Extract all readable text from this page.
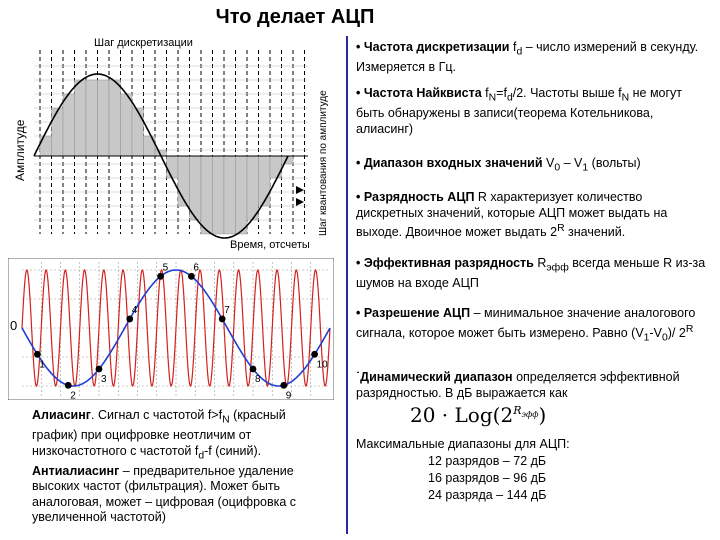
Что делает АЦП
Шаг дискретизации
Время, отсчеты
Амплитуде	Шаг квантования по амплитуде
1
2
3
4
5	6
7
8
9
10
0
• Частота дискретизации $f_d$ – число измерений в секунду. Измеряется в Гц.
• Частота Найквиста $f_N=f_d/2$. Частоты выше $f_N$ не могут быть обнаружены в записи(теорема Котельникова, алиасинг)
• Диапазон входных значений $V_0 - V_1$ (вольты)
• Разрядность АЦП R характеризует количество дискретных значений, которые АЦП может выдать на выходе. Двоичное может выдать $2^R$ значений.
• Эффективная разрядность $R_{эфф}$ всегда меньше R из-за шумов на входе АЦП
• Разрешение АЦП – минимальное значение аналогового сигнала, которое может быть измерено. Равно $(V_1-V_0)/$ $2^R$
˙Динамический диапазон определяется эффективной разрядностью. В дБ выражается как
$20 \cdot Log(2^{R_{эфф}})$
Алиасинг. Сигнал с частотой $f>f_N$ (красный график) при оцифровке неотличим от низкочастотного с частотой $f_d-f$ (синий). Антиалиасинг – предварительное удаление высоких частот (фильтрация). Может быть аналоговая, может – цифровая (оцифровка с увеличенной частотой)
Максимальные диапазоны для АЦП:
12 разрядов – 72 дБ
16 разрядов – 96 дБ
24 разряда – 144 дБ
